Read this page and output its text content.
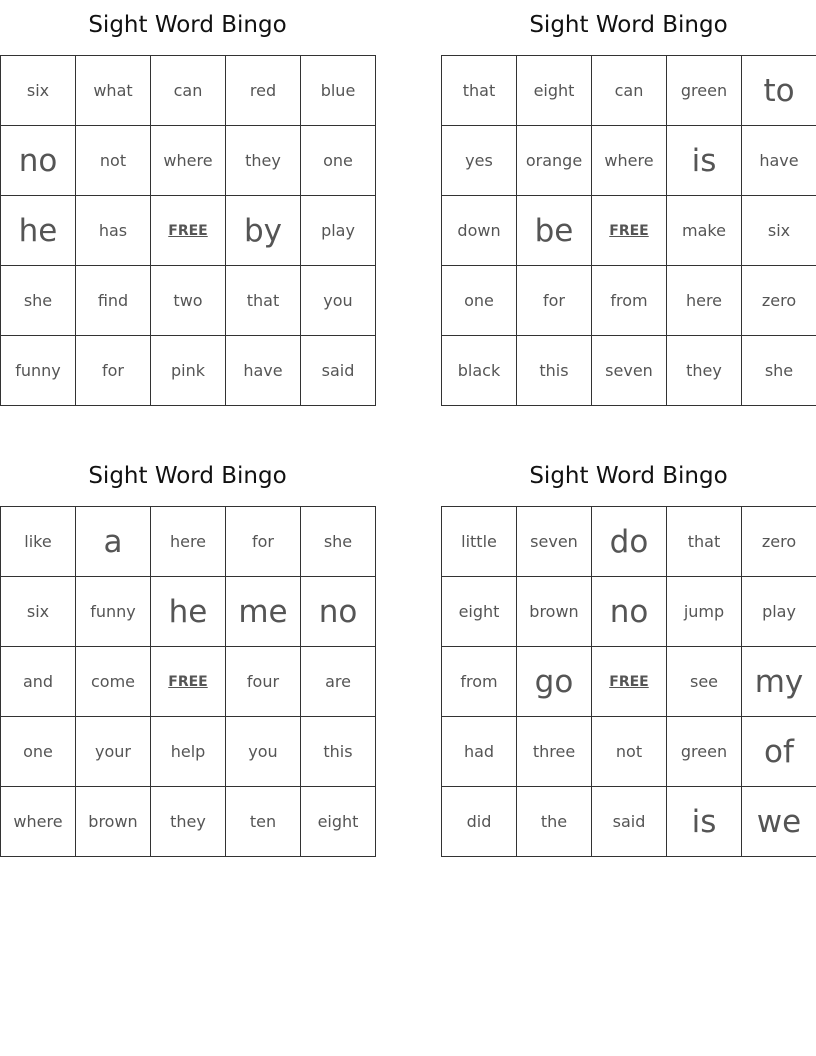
Sight Word Bingo
six	what	can	red	blue
no	not	where	they	one
he	has	FREE	by	play
she	find	two	that	you
funny	for	pink	have	said
Sight Word Bingo
that	eight	can	green	to
yes	orange	where	is	have
down	be	FREE	make	six
one	for	from	here	zero
black	this	seven	they	she
Sight Word Bingo
like	a	here	for	she
six	funny	he	me	no
and	come	FREE	four	are
one	your	help	you	this
where	brown	they	ten	eight
Sight Word Bingo
little	seven	do	that	zero
eight	brown	no	jump	play
from	go	FREE	see	my
had	three	not	green	of
did	the	said	is	we
